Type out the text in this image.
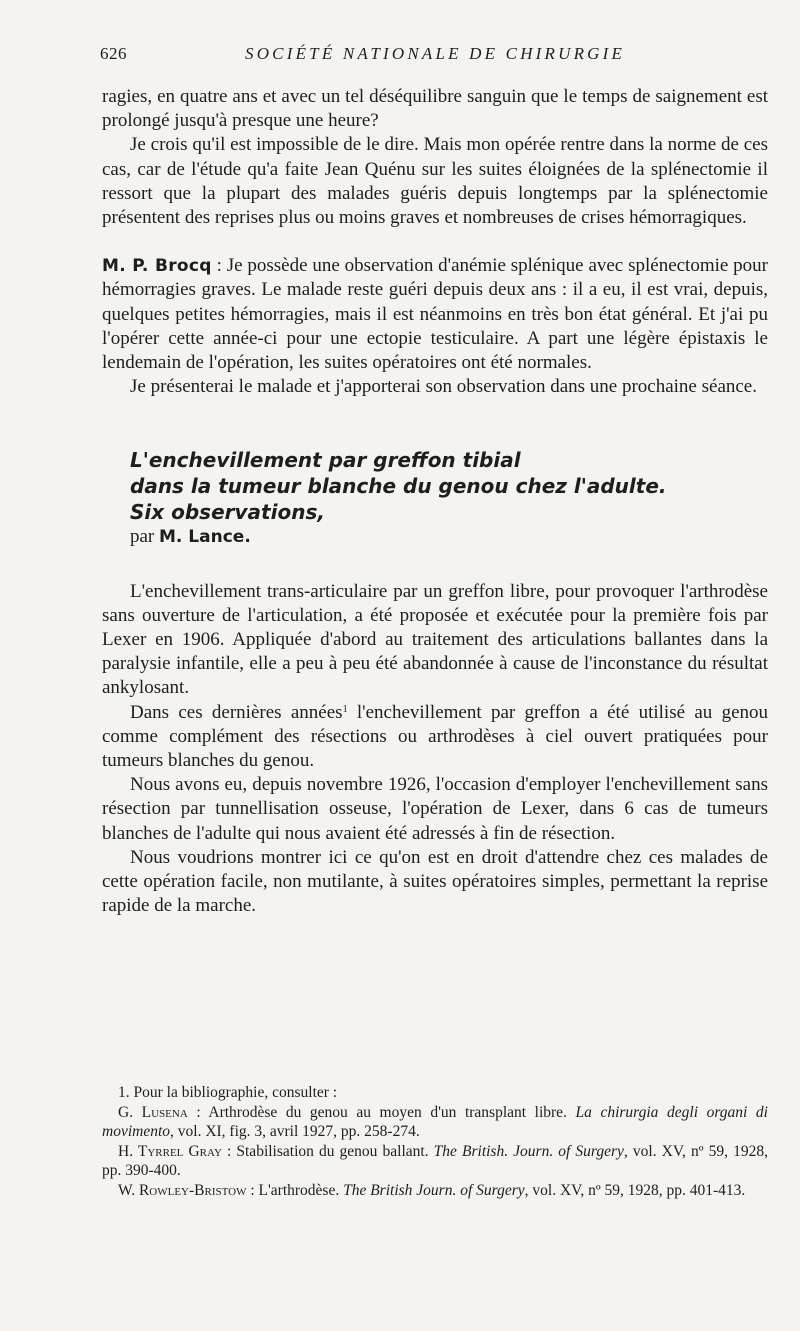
626	SOCIÉTÉ NATIONALE DE CHIRURGIE

ragies, en quatre ans et avec un tel déséquilibre sanguin que le temps de saignement est prolongé jusqu'à presque une heure?

Je crois qu'il est impossible de le dire. Mais mon opérée rentre dans la norme de ces cas, car de l'étude qu'a faite Jean Quénu sur les suites éloignées de la splénectomie il ressort que la plupart des malades guéris depuis longtemps par la splénectomie présentent des reprises plus ou moins graves et nombreuses de crises hémorragiques.

M. P. Brocq : Je possède une observation d'anémie splénique avec splénectomie pour hémorragies graves. Le malade reste guéri depuis deux ans : il a eu, il est vrai, depuis, quelques petites hémorragies, mais il est néanmoins en très bon état général. Et j'ai pu l'opérer cette année-ci pour une ectopie testiculaire. A part une légère épistaxis le lendemain de l'opération, les suites opératoires ont été normales.

Je présenterai le malade et j'apporterai son observation dans une prochaine séance.

L'enchevillement par greffon tibial

dans la tumeur blanche du genou chez l'adulte.

Six observations,

par M. Lance.

L'enchevillement trans-articulaire par un greffon libre, pour provoquer l'arthrodèse sans ouverture de l'articulation, a été proposée et exécutée pour la première fois par Lexer en 1906. Appliquée d'abord au traitement des articulations ballantes dans la paralysie infantile, elle a peu à peu été abandonnée à cause de l'inconstance du résultat ankylosant.

Dans ces dernières années$^1$ l'enchevillement par greffon a été utilisé au genou comme complément des résections ou arthrodèses à ciel ouvert pratiquées pour tumeurs blanches du genou.

Nous avons eu, depuis novembre 1926, l'occasion d'employer l'enchevillement sans résection par tunnellisation osseuse, l'opération de Lexer, dans 6 cas de tumeurs blanches de l'adulte qui nous avaient été adressés à fin de résection.

Nous voudrions montrer ici ce qu'on est en droit d'attendre chez ces malades de cette opération facile, non mutilante, à suites opératoires simples, permettant la reprise rapide de la marche.

1. Pour la bibliographie, consulter :

G. Lusena : Arthrodèse du genou au moyen d'un transplant libre. La chirurgia degli organi di movimento, vol. XI, fig. 3, avril 1927, pp. 258-274.

H. Tyrrel Gray : Stabilisation du genou ballant. The British. Journ. of Surgery, vol. XV, nº 59, 1928, pp. 390-400.

W. Rowley-Bristow : L'arthrodèse. The British Journ. of Surgery, vol. XV, nº 59, 1928, pp. 401-413.
